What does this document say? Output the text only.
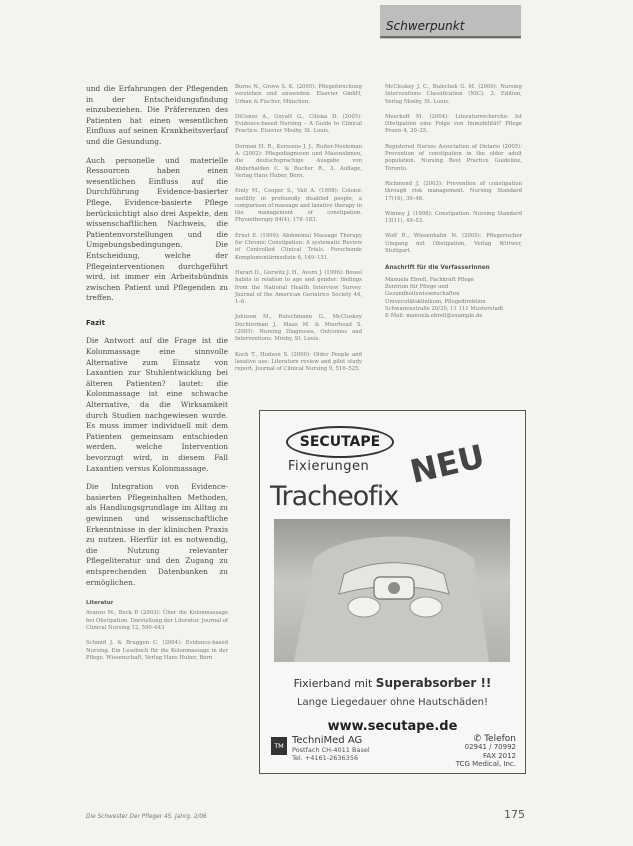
Schwerpunkt

und die Erfahrungen der Pflegenden in der Entscheidungsfindung einzubeziehen. Die Präferenzen des Patienten hat einen wesentlichen Einfluss auf seinen Krankheitsverlauf und die Gesundung.

Auch personelle und materielle Ressourcen haben einen wesentlichen Einfluss auf die Durchführung Evidence-basierter Pflege. Evidence-basierte Pflege berücksichtigt also drei Aspekte, den wissenschaftlichen Nachweis, die Patientenvorstellungen und die Umgebungsbedingungen. Die Entscheidung, welche der Pflegeinterventionen durchgeführt wird, ist immer ein Arbeitsbündnis zwischen Patient und Pflegenden zu treffen.

Fazit

Die Antwort auf die Frage ist die Kolonmassage eine sinnvolle Alternative zum Einsatz von Laxantien zur Stuhlentwicklung bei älteren Patienten? lautet: die Kolonmassage ist eine schwache Alternative, da die Wirksamkeit durch Studien nachgewiesen wurde. Es muss immer individuell mit dem Patienten gemeinsam entschieden werden, welche Intervention bevorzugt wird, in diesem Fall Laxantien versus Kolonmassage.

Die Integration von Evidence-basierten Pflegeinhalten Methoden, als Handlungsgrundlage im Alltag zu gewinnen und wissenschaftliche Erkenntnisse in der klinischen Praxis zu nutzen. Hierfür ist es notwendig, die Nutzung relevanter Pflegeliteratur und den Zugang zu entsprechenden Datenbanken zu ermöglichen.

Literatur

Avanzo M., Beck P. (2003): Über die Kolonmassage bei Obstipation. Darstellung der Literatur. Journal of Clinical Nursing 12, 590–643

Schmid J. & Bruggen C. (2004): Evidence-based Nursing. Ein Lesebuch für die Kolonmassage in der Pflege. Wissenschaft, Verlag Hans Huber, Bern

Burns N., Grove S. K. (2005): Pflegeforschung verstehen und anwenden. Elsevier GmbH, Urban & Fischer, München.

DiCenso A., Guyatt G., Ciliska D. (2005): Evidence-based Nursing – A Guide to Clinical Practice. Elsevier Mosby, St. Louis.

Dorman H. R., Kerssens J. J., Ruiter-Neeleman A. (2002): Pflegediagnosen und Massnahmen, die deutschsprachige Ausgabe von Abderhalden C. & Bucher R., 3. Auflage, Verlag Hans Huber, Bern.

Emly M., Cooper S., Vail A. (1998): Colonic motility in profoundly disabled people, a comparison of massage and laxative therapy in the management of constipation. Physiotherapy 84(4), 178–183.

Ernst E. (1999): Abdominal Massage Therapy for Chronic Constipation: A systematic Review of Controlled Clinical Trials. Forschende Komplementärmedizin 6, 149–151.

Harari D., Gurwitz J. H., Avorn J. (1996): Bowel habits in relation to age and gender: findings from the National Health Interview Survey. Journal of the American Geriatrics Society 44, 1–6.

Johnson M., Rutschmann G., McCloskey Dochterman J., Maas M. & Moorhead S. (2005): Nursing Diagnoses, Outcomes and Interventions. Mosby, St. Louis.

Koch T., Hudson S. (2000): Older People and laxative use: Literature review and pilot study report. Journal of Clinical Nursing 9, 516–525.

McCloskey J. C., Bulechek G. M. (2000): Nursing Interventions Classification (NIC). 3. Edition, Verlag Mosby, St. Louis.

Meerhoff M. (2004): Literaturrecherche: Ist Obstipation eine Folge von Immobilität? Pflege Praxis 4, 20–25.

Registered Nurses Association of Ontario (2005): Prevention of constipation in the older adult population. Nursing Best Practice Guideline, Toronto.

Richmond J. (2003): Prevention of constipation through risk management. Nursing Standard 17(16), 39–46.

Winney J. (1998): Constipation. Nursing Standard 13(11), 49–53.

Wolf R., Wiesenhahn N. (2005): Pflegerischer Umgang mit Obstipation, Verlag Wittwer, Stuttgart.

Anschrift für die Verfasserinnen
Manuela Ebrell, Fachkraft Pflege
Zentrum für Pflege und Gesundheitswissenschaften
Universitätsklinikum, Pflegedirektion
Schwanenstraße 20/20, 11 111 Musterstadt
E-Mail: manuela.ebrell@example.de
SECUTAPE
Fixierungen
Tracheofix
NEU
Fixierband mit Superabsorber !!
Lange Liegedauer ohne Hautschäden!
www.secutape.de
TM TechniMed AG
Postfach CH-4011 Basel
Tel. +4161-2636356
✆ Telefon
02941 / 70992
FAX 2012
TCG Medical, Inc.
Die Schwester Der Pfleger 45. Jahrg. 2/06	175
